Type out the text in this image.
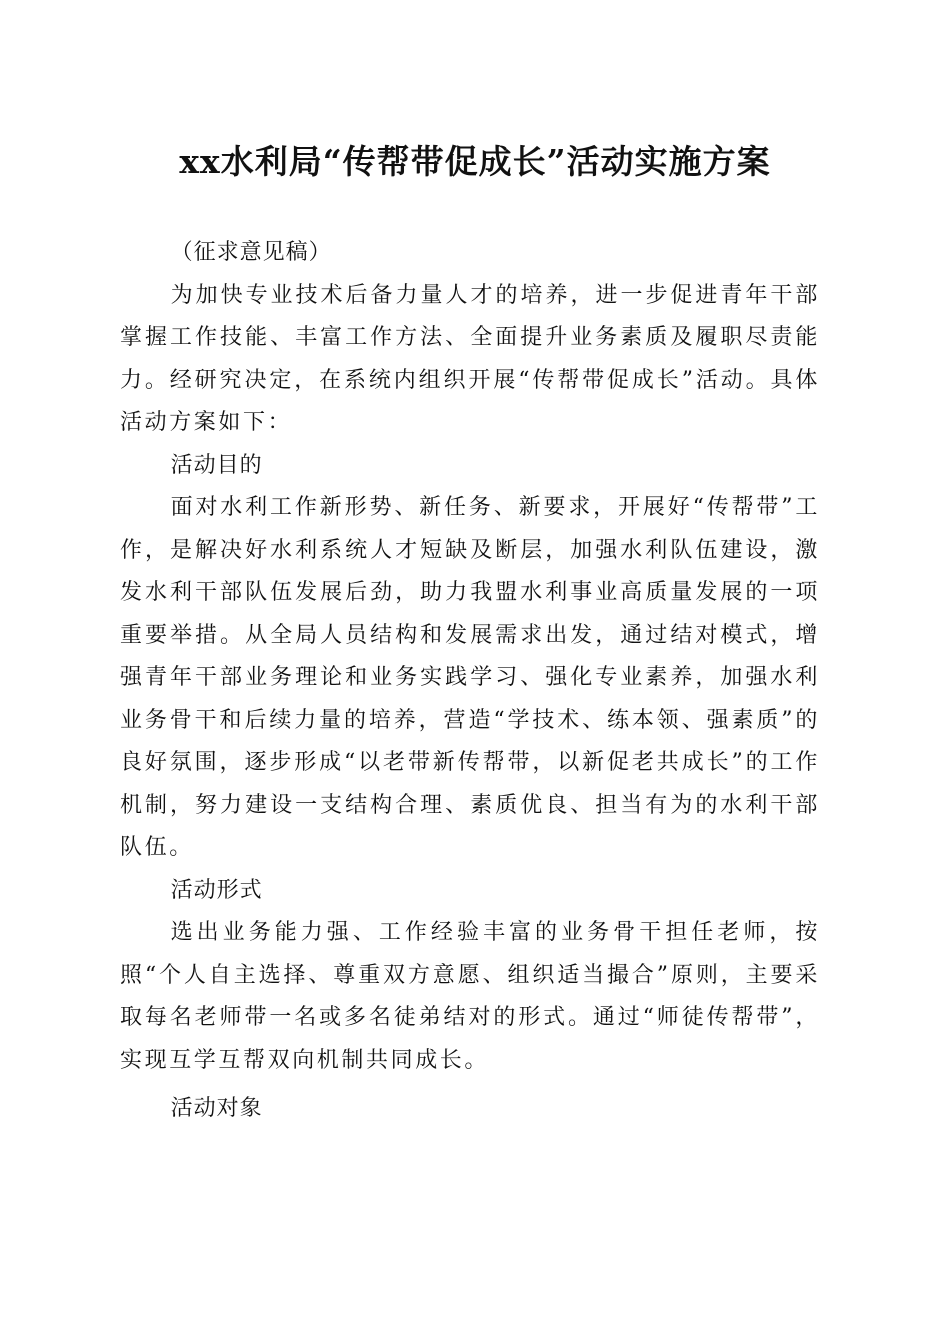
xx水利局“传帮带促成长”活动实施方案

（征求意见稿）

为加快专业技术后备力量人才的培养，进一步促进青年干部掌握工作技能、丰富工作方法、全面提升业务素质及履职尽责能力。经研究决定，在系统内组织开展“传帮带促成长”活动。具体活动方案如下：

活动目的

面对水利工作新形势、新任务、新要求，开展好“传帮带”工作，是解决好水利系统人才短缺及断层，加强水利队伍建设，激发水利干部队伍发展后劲，助力我盟水利事业高质量发展的一项重要举措。从全局人员结构和发展需求出发，通过结对模式，增强青年干部业务理论和业务实践学习、强化专业素养，加强水利业务骨干和后续力量的培养，营造“学技术、练本领、强素质”的良好氛围，逐步形成“以老带新传帮带，以新促老共成长”的工作机制，努力建设一支结构合理、素质优良、担当有为的水利干部队伍。

活动形式

选出业务能力强、工作经验丰富的业务骨干担任老师，按照“个人自主选择、尊重双方意愿、组织适当撮合”原则，主要采取每名老师带一名或多名徒弟结对的形式。通过“师徒传帮带”，实现互学互帮双向机制共同成长。

活动对象
